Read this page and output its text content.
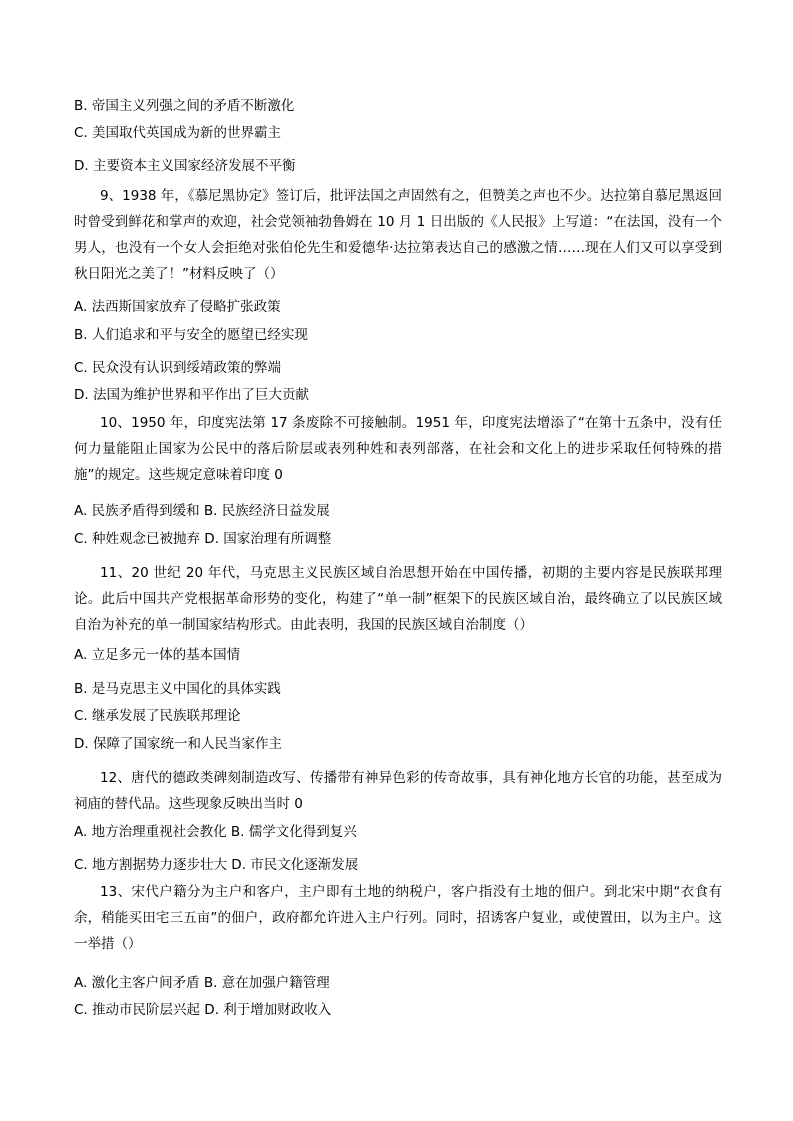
B. 帝国主义列强之间的矛盾不断激化
C. 美国取代英国成为新的世界霸主
D. 主要资本主义国家经济发展不平衡
9、1938 年，《慕尼黑协定》签订后，批评法国之声固然有之，但赞美之声也不少。达拉第自慕尼黑返回时曾受到鲜花和掌声的欢迎，社会党领袖勃鲁姆在 10 月 1 日出版的《人民报》上写道：“在法国，没有一个男人，也没有一个女人会拒绝对张伯伦先生和爱德华·达拉第表达自己的感激之情……现在人们又可以享受到秋日阳光之美了！”材料反映了（）
A. 法西斯国家放弃了侵略扩张政策
B. 人们追求和平与安全的愿望已经实现
C. 民众没有认识到绥靖政策的弊端
D. 法国为维护世界和平作出了巨大贡献
10、1950 年，印度宪法第 17 条废除不可接触制。1951 年，印度宪法增添了“在第十五条中，没有任何力量能阻止国家为公民中的落后阶层或表列种姓和表列部落，在社会和文化上的进步采取任何特殊的措施”的规定。这些规定意味着印度 0
A. 民族矛盾得到缓和 B. 民族经济日益发展
C. 种姓观念已被抛弃 D. 国家治理有所调整
11、20 世纪 20 年代，马克思主义民族区域自治思想开始在中国传播，初期的主要内容是民族联邦理论。此后中国共产党根据革命形势的变化，构建了“单一制”框架下的民族区域自治，最终确立了以民族区域自治为补充的单一制国家结构形式。由此表明，我国的民族区域自治制度（）
A. 立足多元一体的基本国情
B. 是马克思主义中国化的具体实践
C. 继承发展了民族联邦理论
D. 保障了国家统一和人民当家作主
12、唐代的德政类碑刻制造改写、传播带有神异色彩的传奇故事，具有神化地方长官的功能，甚至成为祠庙的替代品。这些现象反映出当时 0
A. 地方治理重视社会教化 B. 儒学文化得到复兴
C. 地方割据势力逐步壮大 D. 市民文化逐渐发展
13、宋代户籍分为主户和客户，主户即有土地的纳税户，客户指没有土地的佃户。到北宋中期“衣食有余，稍能买田宅三五亩”的佃户，政府都允许进入主户行列。同时，招诱客户复业，或使置田，以为主户。这一举措（）
A. 激化主客户间矛盾 B. 意在加强户籍管理
C. 推动市民阶层兴起 D. 利于增加财政收入
